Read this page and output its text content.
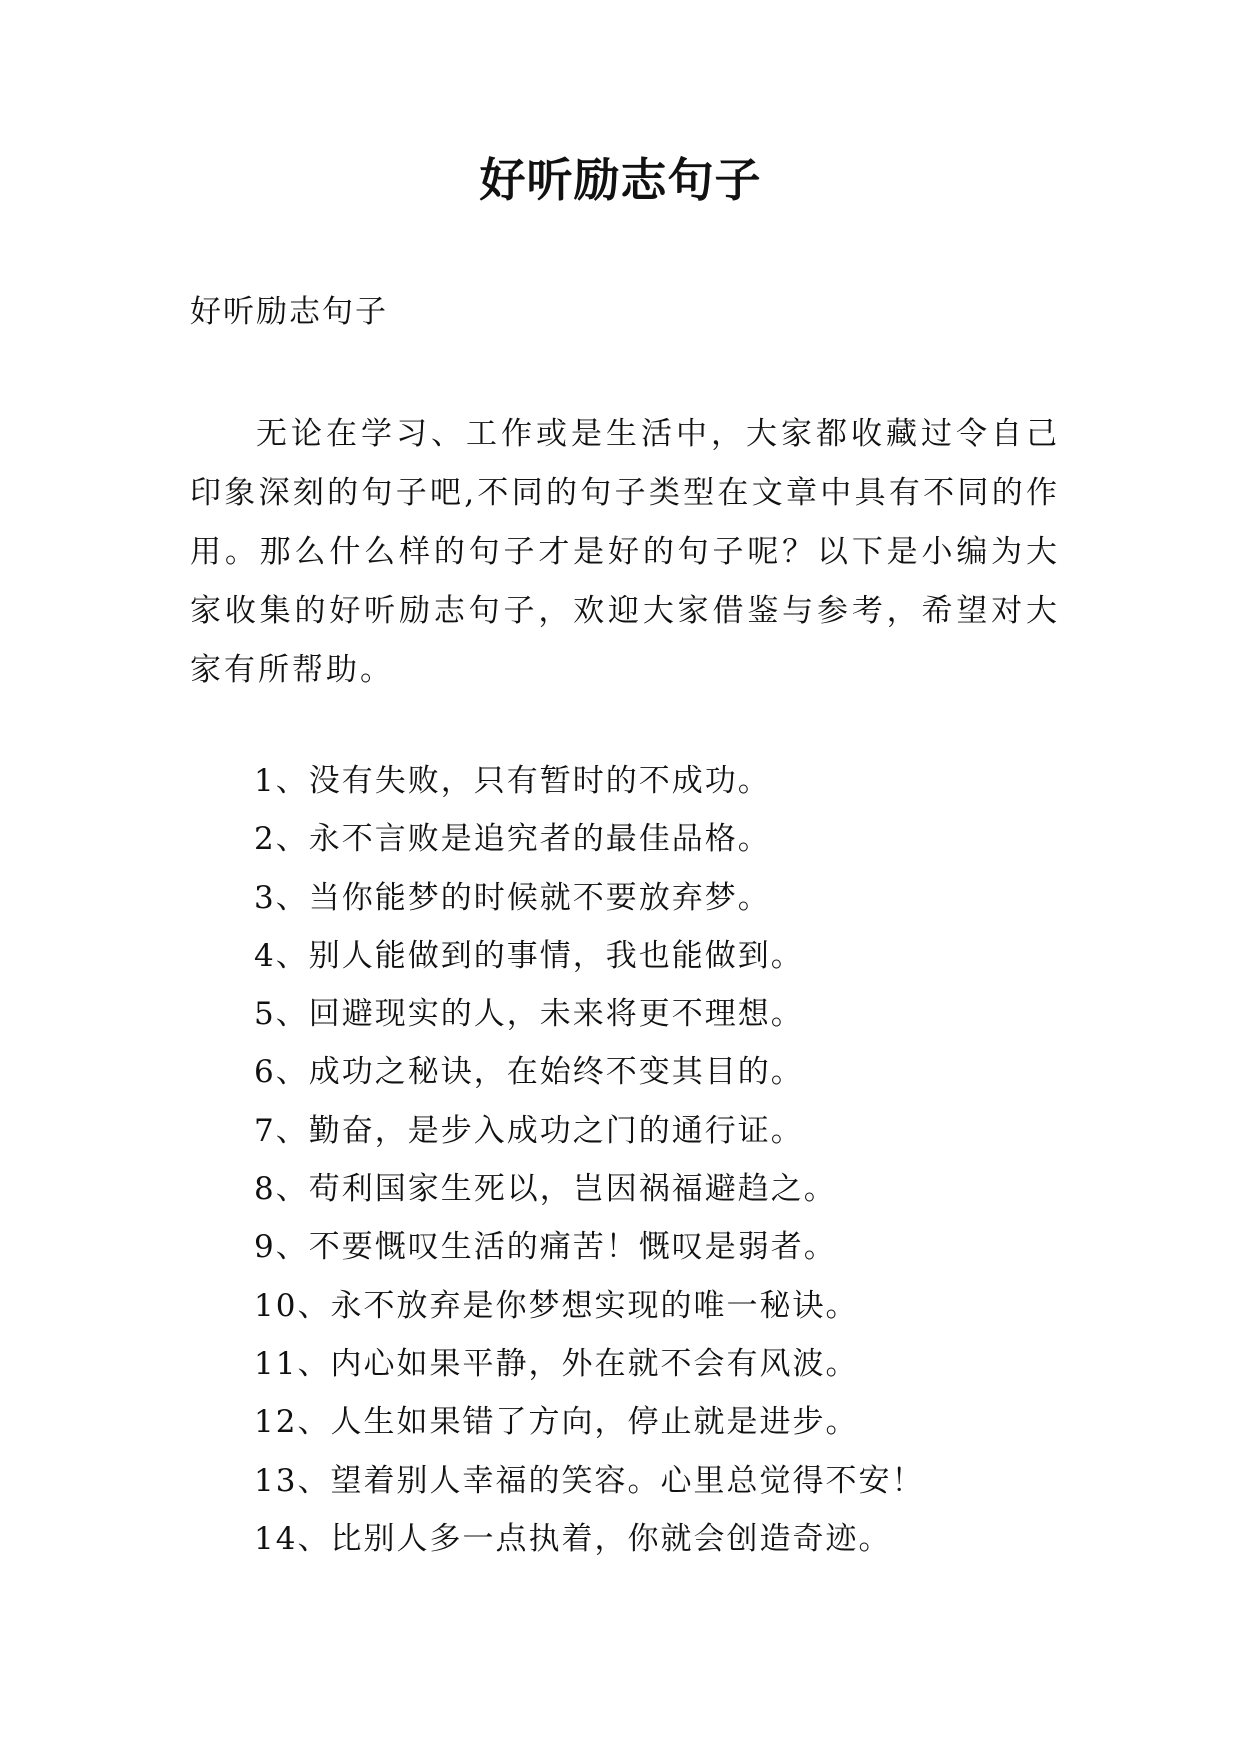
好听励志句子

好听励志句子

无论在学习、工作或是生活中，大家都收藏过令自己印象深刻的句子吧,不同的句子类型在文章中具有不同的作用。那么什么样的句子才是好的句子呢？以下是小编为大家收集的好听励志句子，欢迎大家借鉴与参考，希望对大家有所帮助。

1、没有失败，只有暂时的不成功。
2、永不言败是追究者的最佳品格。
3、当你能梦的时候就不要放弃梦。
4、别人能做到的事情，我也能做到。
5、回避现实的人，未来将更不理想。
6、成功之秘诀，在始终不变其目的。
7、勤奋，是步入成功之门的通行证。
8、苟利国家生死以，岂因祸福避趋之。
9、不要慨叹生活的痛苦！慨叹是弱者。
10、永不放弃是你梦想实现的唯一秘诀。
11、内心如果平静，外在就不会有风波。
12、人生如果错了方向，停止就是进步。
13、望着别人幸福的笑容。心里总觉得不安！
14、比别人多一点执着，你就会创造奇迹。
